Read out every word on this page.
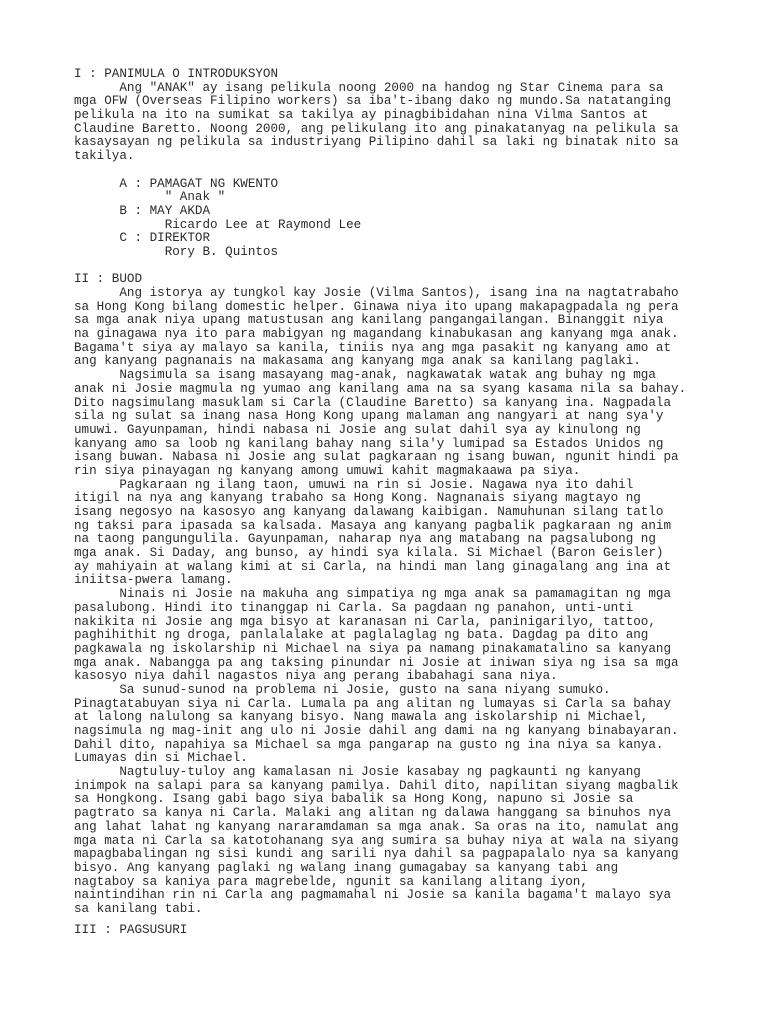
I : PANIMULA O INTRODUKSYON
Ang "ANAK" ay isang pelikula noong 2000 na handog ng Star Cinema para sa
mga OFW (Overseas Filipino workers) sa iba't-ibang dako ng mundo.Sa natatanging
pelikula na ito na sumikat sa takilya ay pinagbibidahan nina Vilma Santos at
Claudine Baretto. Noong 2000, ang pelikulang ito ang pinakatanyag na pelikula sa
kasaysayan ng pelikula sa industriyang Pilipino dahil sa laki ng binatak nito sa
takilya.
A : PAMAGAT NG KWENTO
" Anak "
B : MAY AKDA
Ricardo Lee at Raymond Lee
C : DIREKTOR
Rory B. Quintos
II : BUOD
Ang istorya ay tungkol kay Josie (Vilma Santos), isang ina na nagtatrabaho
sa Hong Kong bilang domestic helper. Ginawa niya ito upang makapagpadala ng pera
sa mga anak niya upang matustusan ang kanilang pangangailangan. Binanggit niya
na ginagawa nya ito para mabigyan ng magandang kinabukasan ang kanyang mga anak.
Bagama't siya ay malayo sa kanila, tiniis nya ang mga pasakit ng kanyang amo at
ang kanyang pagnanais na makasama ang kanyang mga anak sa kanilang paglaki.
Nagsimula sa isang masayang mag-anak, nagkawatak watak ang buhay ng mga
anak ni Josie magmula ng yumao ang kanilang ama na sa syang kasama nila sa bahay.
Dito nagsimulang masuklam si Carla (Claudine Baretto) sa kanyang ina. Nagpadala
sila ng sulat sa inang nasa Hong Kong upang malaman ang nangyari at nang sya'y
umuwi. Gayunpaman, hindi nabasa ni Josie ang sulat dahil sya ay kinulong ng
kanyang amo sa loob ng kanilang bahay nang sila'y lumipad sa Estados Unidos ng
isang buwan. Nabasa ni Josie ang sulat pagkaraan ng isang buwan, ngunit hindi pa
rin siya pinayagan ng kanyang among umuwi kahit magmakaawa pa siya.
Pagkaraan ng ilang taon, umuwi na rin si Josie. Nagawa nya ito dahil
itigil na nya ang kanyang trabaho sa Hong Kong. Nagnanais siyang magtayo ng
isang negosyo na kasosyo ang kanyang dalawang kaibigan. Namuhunan silang tatlo
ng taksi para ipasada sa kalsada. Masaya ang kanyang pagbalik pagkaraan ng anim
na taong pangungulila. Gayunpaman, naharap nya ang matabang na pagsalubong ng
mga anak. Si Daday, ang bunso, ay hindi sya kilala. Si Michael (Baron Geisler)
ay mahiyain at walang kimi at si Carla, na hindi man lang ginagalang ang ina at
iniitsa-pwera lamang.
Ninais ni Josie na makuha ang simpatiya ng mga anak sa pamamagitan ng mga
pasalubong. Hindi ito tinanggap ni Carla. Sa pagdaan ng panahon, unti-unti
nakikita ni Josie ang mga bisyo at karanasan ni Carla, paninigarilyo, tattoo,
paghihithit ng droga, panlalalake at paglalaglag ng bata. Dagdag pa dito ang
pagkawala ng iskolarship ni Michael na siya pa namang pinakamatalino sa kanyang
mga anak. Nabangga pa ang taksing pinundar ni Josie at iniwan siya ng isa sa mga
kasosyo niya dahil nagastos niya ang perang ibabahagi sana niya.
Sa sunud-sunod na problema ni Josie, gusto na sana niyang sumuko.
Pinagtatabuyan siya ni Carla. Lumala pa ang alitan ng lumayas si Carla sa bahay
at lalong nalulong sa kanyang bisyo. Nang mawala ang iskolarship ni Michael,
nagsimula ng mag-init ang ulo ni Josie dahil ang dami na ng kanyang binabayaran.
Dahil dito, napahiya sa Michael sa mga pangarap na gusto ng ina niya sa kanya.
Lumayas din si Michael.
Nagtuluy-tuloy ang kamalasan ni Josie kasabay ng pagkaunti ng kanyang
inimpok na salapi para sa kanyang pamilya. Dahil dito, napilitan siyang magbalik
sa Hongkong. Isang gabi bago siya babalik sa Hong Kong, napuno si Josie sa
pagtrato sa kanya ni Carla. Malaki ang alitan ng dalawa hanggang sa binuhos nya
ang lahat lahat ng kanyang nararamdaman sa mga anak. Sa oras na ito, namulat ang
mga mata ni Carla sa katotohanang sya ang sumira sa buhay niya at wala na siyang
mapagbabalingan ng sisi kundi ang sarili nya dahil sa pagpapalalo nya sa kanyang
bisyo. Ang kanyang paglaki ng walang inang gumagabay sa kanyang tabi ang
nagtaboy sa kaniya para magrebelde, ngunit sa kanilang alitang iyon,
naintindihan rin ni Carla ang pagmamahal ni Josie sa kanila bagama't malayo sya
sa kanilang tabi.
III : PAGSUSURI
